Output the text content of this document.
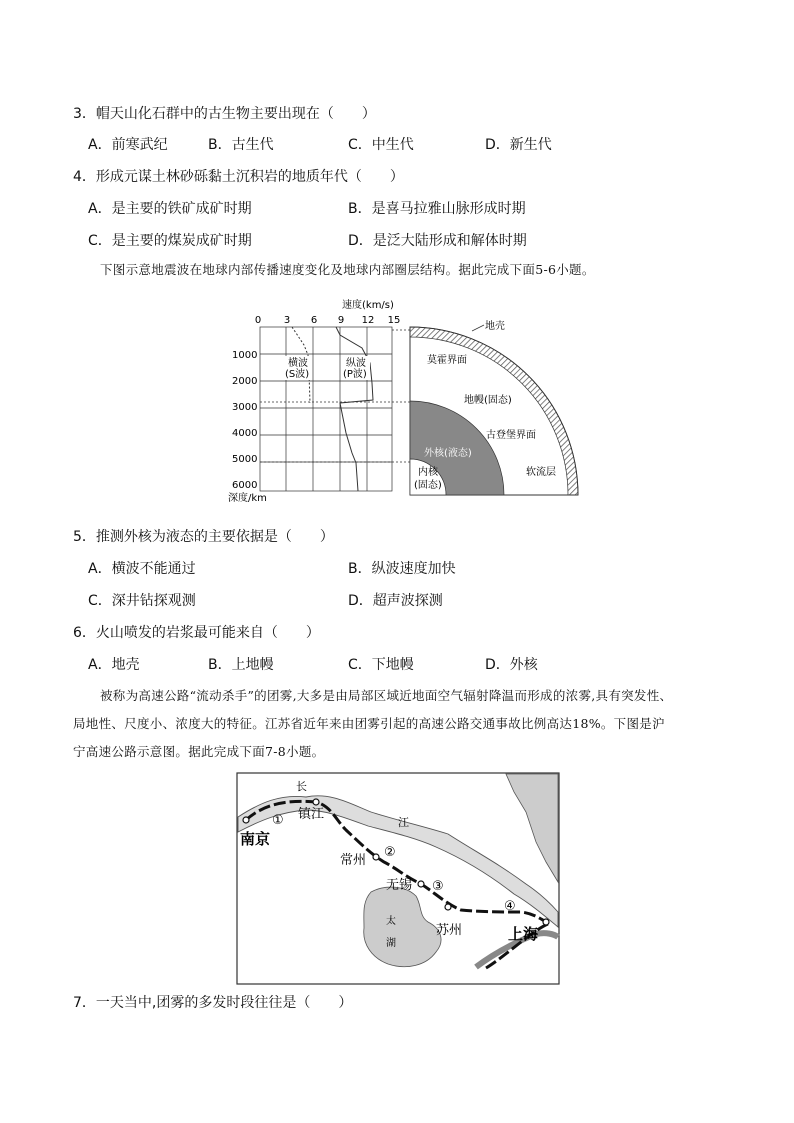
3．帽天山化石群中的古生物主要出现在（　　）
A．前寒武纪	B．古生代	C．中生代	D．新生代
4．形成元谋土林砂砾黏土沉积岩的地质年代（　　）
A．是主要的铁矿成矿时期	B．是喜马拉雅山脉形成时期
C．是主要的煤炭成矿时期	D．是泛大陆形成和解体时期
下图示意地震波在地球内部传播速度变化及地球内部圈层结构。据此完成下面5-6小题。
速度(km/s)
0 3 6 9 12 15
1000
2000
3000
4000
5000
6000
深度/km
横波
(S波)
纵波
(P波)
地壳
莫霍界面
地幔(固态)
古登堡界面
外核(液态)
内核
(固态)
软流层
5．推测外核为液态的主要依据是（　　）
A．横波不能通过	B．纵波速度加快
C．深井钻探观测	D．超声波探测
6．火山喷发的岩浆最可能来自（　　）
A．地壳	B．上地幔	C．下地幔	D．外核
被称为高速公路“流动杀手”的团雾,大多是由局部区域近地面空气辐射降温而形成的浓雾,具有突发性、
局地性、尺度小、浓度大的特征。江苏省近年来由团雾引起的高速公路交通事故比例高达18%。下图是沪
宁高速公路示意图。据此完成下面7-8小题。
①
②
③
④
南京
镇江
常州
无锡
苏州	上海
长
江
太
湖
7．一天当中,团雾的多发时段往往是（　　）
